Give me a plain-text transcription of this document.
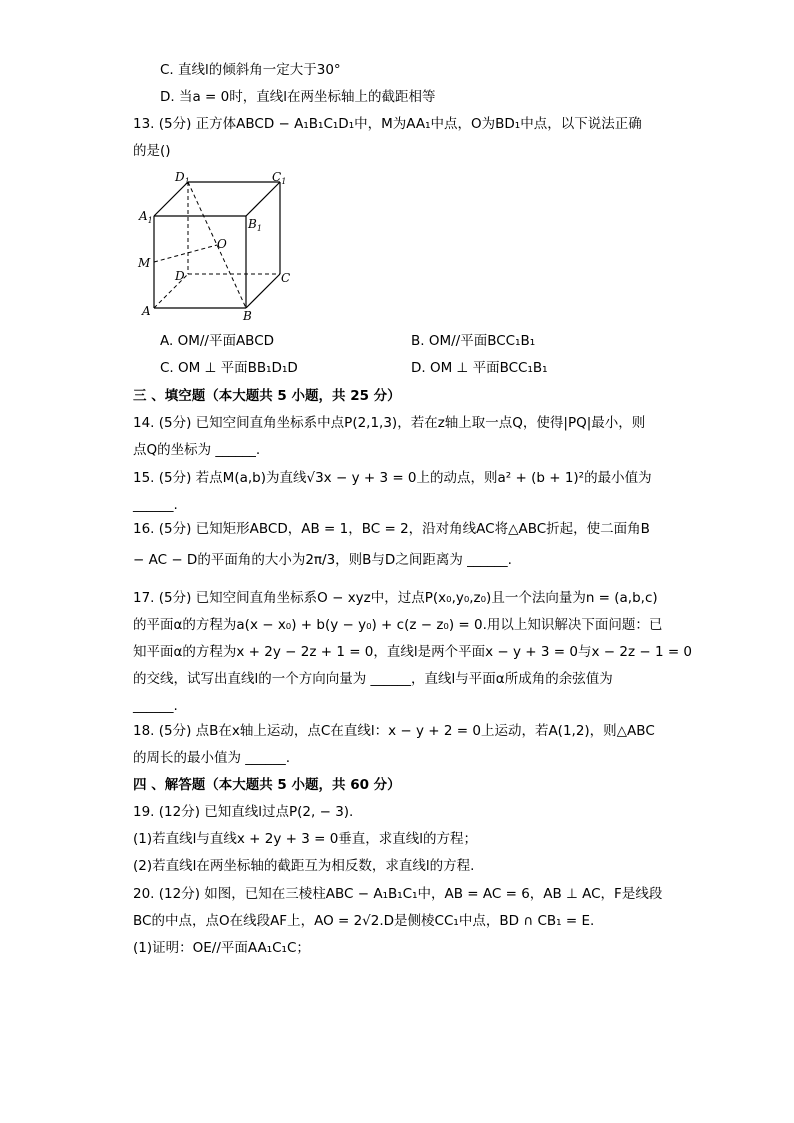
C. 直线l的倾斜角一定大于30°
D. 当a = 0时，直线l在两坐标轴上的截距相等
13. (5分) 正方体ABCD − A₁B₁C₁D₁中，M为AA₁中点，O为BD₁中点，以下说法正确
的是()
$D_1$	$C_1$
$A_1$	$B_1$
O
M
D	C
A	B
A. OM//平面ABCD	B. OM//平面BCC₁B₁
C. OM ⊥ 平面BB₁D₁D	D. OM ⊥ 平面BCC₁B₁
三 、填空题（本大题共 5 小题，共 25 分）
14. (5分) 已知空间直角坐标系中点P(2,1,3)，若在z轴上取一点Q，使得|PQ|最小，则
点Q的坐标为 ______.
15. (5分) 若点M(a,b)为直线√3x − y + 3 = 0上的动点，则a² + (b + 1)²的最小值为
______.
16. (5分) 已知矩形ABCD，AB = 1，BC = 2，沿对角线AC将△ABC折起，使二面角B
− AC − D的平面角的大小为2π/3，则B与D之间距离为 ______.
17. (5分) 已知空间直角坐标系O − xyz中，过点P(x₀,y₀,z₀)且一个法向量为n = (a,b,c)
的平面α的方程为a(x − x₀) + b(y − y₀) + c(z − z₀) = 0.用以上知识解决下面问题：已
知平面α的方程为x + 2y − 2z + 1 = 0，直线l是两个平面x − y + 3 = 0与x − 2z − 1 = 0
的交线，试写出直线l的一个方向向量为 ______，直线l与平面α所成角的余弦值为
______.
18. (5分) 点B在x轴上运动，点C在直线l：x − y + 2 = 0上运动，若A(1,2)，则△ABC
的周长的最小值为 ______.
四 、解答题（本大题共 5 小题，共 60 分）
19. (12分) 已知直线l过点P(2, − 3).
(1)若直线l与直线x + 2y + 3 = 0垂直，求直线l的方程；
(2)若直线l在两坐标轴的截距互为相反数，求直线l的方程.
20. (12分) 如图，已知在三棱柱ABC − A₁B₁C₁中，AB = AC = 6，AB ⊥ AC，F是线段
BC的中点，点O在线段AF上，AO = 2√2.D是侧棱CC₁中点，BD ∩ CB₁ = E.
(1)证明：OE//平面AA₁C₁C；
